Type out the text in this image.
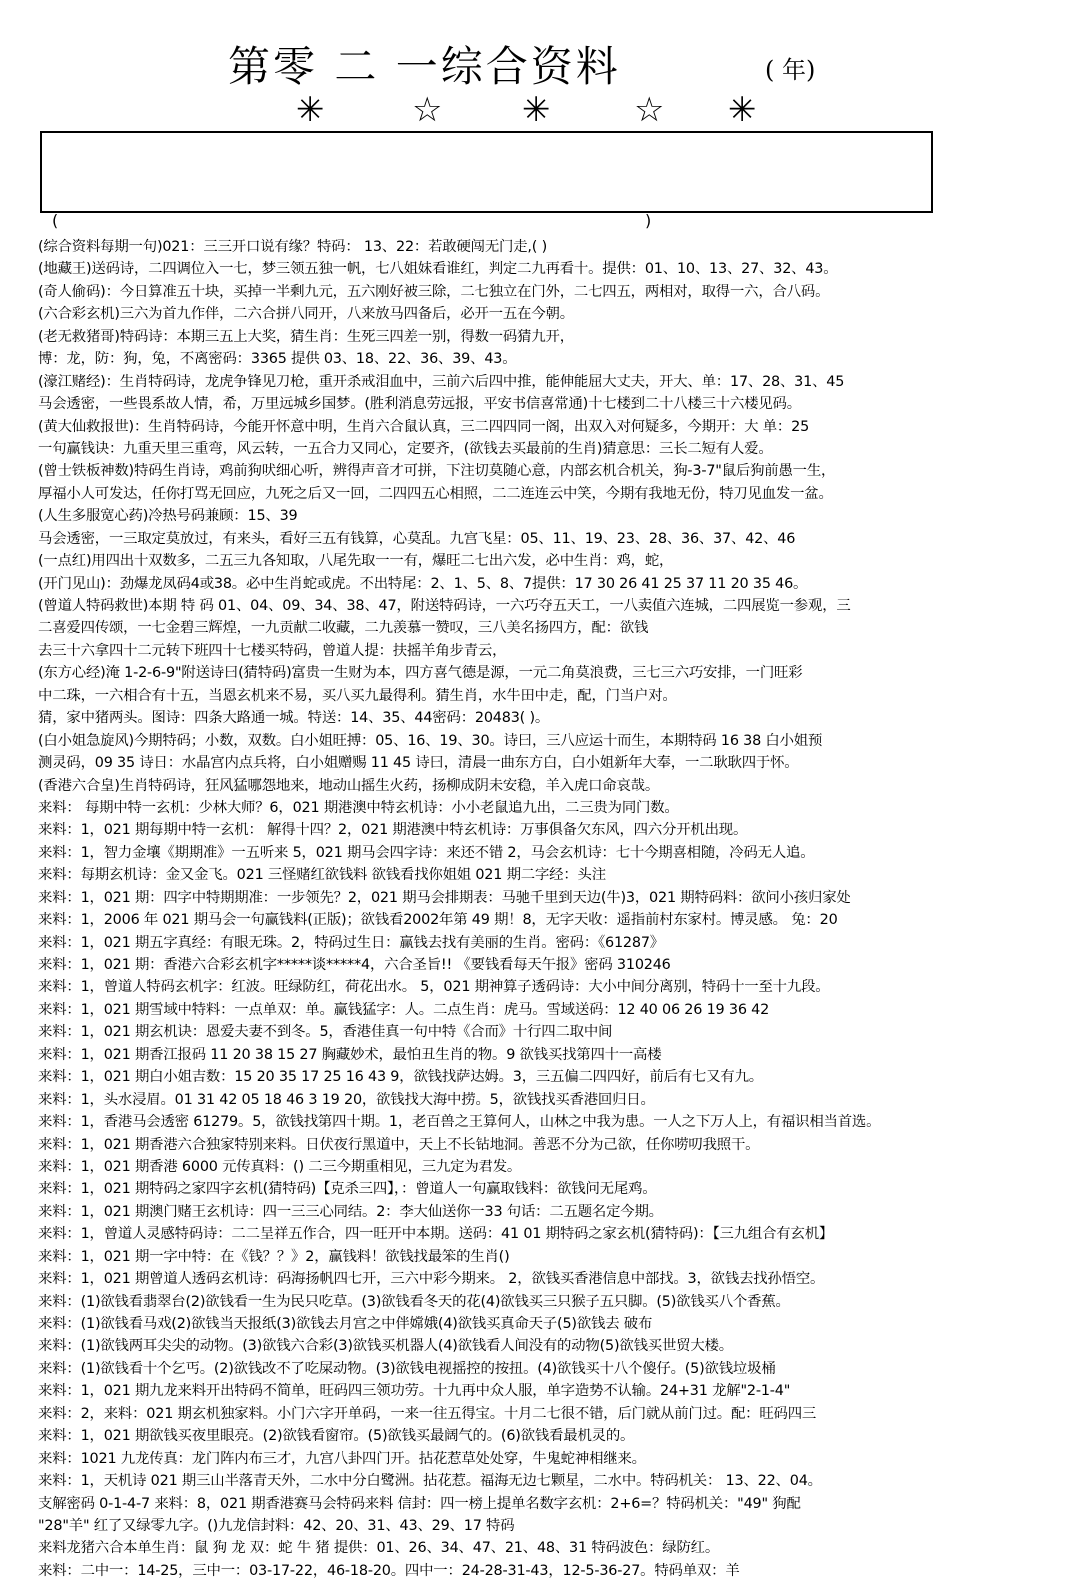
第零 二 一综合资料	( 年)
✳	☆ ✳ ☆ ✳
(	)
(综合资料每期一句)021：三三开口说有缘？特码： 13、22：若敢硬闯无门走,( )
(地藏王)送码诗，二四调位入一七，梦三领五独一帆，七八姐妹看谁红，判定二九再看十。提供：01、10、13、27、32、43。
(奇人偷码)：今日算准五十块，买掉一半剩九元，五六刚好被三除，二七独立在门外，二七四五，两相对，取得一六，合八码。
(六合彩玄机)三六为首九作伴，二六合拼八同开，八来放马四备后，必开一五在今朝。
(老无救猪哥)特码诗：本期三五上大奖，猜生肖：生死三四差一别，得数一码猜九开，
博：龙，防：狗，兔，不离密码：3365 提供 03、18、22、36、39、43。
(濠江赌经)：生肖特码诗，龙虎争锋见刀枪，重开杀戒泪血中，三前六后四中推，能伸能屈大丈夫，开大、单：17、28、31、45
马会透密，一些畏系故人情，希，万里远城乡国梦。(胜利消息劳远报，平安书信喜常通)十七楼到二十八楼三十六楼见码。
(黄大仙救报世)：生肖特码诗，今能开怀意中明，生肖六合鼠认真，三二四四同一阁，出双入对何疑多，今期开：大 单：25
一句赢钱诀：九重天里三重弯，风云转，一五合力又同心，定要齐，(欲钱去买最前的生肖)猜意思：三长二短有人爱。
(曾士铁板神数)特码生肖诗，鸡前狗吠细心听，辨得声音才可拼，下注切莫随心意，内部玄机合机关，狗-3-7"鼠后狗前愚一生，
厚福小人可发达，任你打骂无回应，九死之后又一回，二四四五心相照，二二连连云中笑，今期有我地无份，特刀见血发一盆。
(人生多服宽心药)冷热号码兼顾：15、39
马会透密，一三取定莫放过，有来头，看好三五有钱算，心莫乱。九宫飞星：05、11、19、23、28、36、37、42、46
(一点红)用四出十双数多，二五三九各知取，八尾先取一一有，爆旺二七出六发，必中生肖：鸡，蛇，
(开门见山)：劲爆龙凤码4或38。必中生肖蛇或虎。不出特尾：2、1、5、8、7提供：17 30 26 41 25 37 11 20 35 46。
(曾道人特码救世)本期 特 码 01、04、09、34、38、47，附送特码诗，一六巧夺五天工，一八卖值六连城，二四展览一参观，三
二喜爱四传颂，一七金碧三辉煌，一九贡献二收藏，二九羡慕一赞叹，三八美名扬四方，配：欲钱
去三十六拿四十二元转下班四十七楼买特码，曾道人提：扶摇羊角步青云，
(东方心经)淹 1-2-6-9"附送诗曰(猜特码)富贵一生财为本，四方喜气德是源，一元二角莫浪费，三七三六巧安排，一门旺彩
中二珠，一六相合有十五，当恩玄机来不易，买八买九最得利。猜生肖，水牛田中走，配，门当户对。
猜，家中猪两头。图诗：四条大路通一城。特送：14、35、44密码：20483( )。
(白小姐急旋风)今期特码；小数，双数。白小姐旺搏：05、16、19、30。诗曰，三八应运十而生，本期特码 16 38 白小姐预
测灵码，09 35 诗日：水晶宫内点兵将，白小姐赠赐 11 45 诗曰，清晨一曲东方白，白小姐新年大奉，一二耿耿四于怀。
(香港六合皇)生肖特码诗，狂风猛哪怨地来，地动山摇生火药，扬柳成阴未安稳，羊入虎口命哀哉。
来料： 每期中特一玄机：少林大师？6，021 期港澳中特玄机诗：小小老鼠追九出，二三贵为同门数。
来料：1，021 期每期中特一玄机： 解得十四？2，021 期港澳中特玄机诗：万事俱备欠东风，四六分开机出现。
来料：1，智力金壤《期期准》一五听来 5，021 期马会四字诗：来还不错 2，马会玄机诗：七十今期喜相随，冷码无人追。
来料：每期玄机诗：金又金飞。021 三怪赌红欲钱料 欲钱看找你姐姐 021 期二字经：头注
来料：1，021 期：四字中特期期准：一步领先？2，021 期马会排期表：马驰千里到天边(牛)3，021 期特码料：欲问小孩归家处
来料：1，2006 年 021 期马会一句赢钱料(正版)；欲钱看2002年第 49 期！8，无字天收：遥指前村东家村。博灵感。 兔：20
来料：1，021 期五字真经：有眼无珠。2，特码过生日：赢钱去找有美丽的生肖。密码：《61287》
来料：1，021 期：香港六合彩玄机字*****谈*****4，六合圣旨!! 《要钱看每天午报》密码 310246
来料：1，曾道人特码玄机字：红波。旺绿防红，荷花出水。 5，021 期神算子透码诗：大小中间分离别，特码十一至十九段。
来料：1，021 期雪域中特料：一点单双：单。赢钱猛字：人。二点生肖：虎马。雪域送码：12 40 06 26 19 36 42
来料：1，021 期玄机诀：恩爱夫妻不到冬。5，香港佳真一句中特《合而》十行四二取中间
来料：1，021 期香江报码 11 20 38 15 27 胸藏妙术，最怕丑生肖的物。9 欲钱买找第四十一高楼
来料：1，021 期白小姐吉数：15 20 35 17 25 16 43 9，欲钱找萨达姆。3，三五偏二四四好，前后有七又有九。
来料：1，头水浸眉。01 31 42 05 18 46 3 19 20，欲钱找大海中捞。5，欲钱找买香港回归日。
来料：1，香港马会透密 61279。5，欲钱找第四十期。1，老百兽之王算何人，山林之中我为患。一人之下万人上，有福识相当首选。
来料：1，021 期香港六合独家特别来料。日伏夜行黑道中，天上不长钻地洞。善恶不分为己欲，任你唠叨我照干。
来料：1，021 期香港 6000 元传真料：() 二三今期重相见，三九定为君发。
来料：1，021 期特码之家四字玄机(猜特码)【克杀三四】，：曾道人一句赢取钱料：欲钱问无尾鸡。
来料：1，021 期澳门赌王玄机诗：四一三三心同结。2：李大仙送你一33 句话：二五题名定今期。
来料：1，曾道人灵感特码诗：二二呈祥五作合，四一旺开中本期。送码：41 01 期特码之家玄机(猜特码)：【三九组合有玄机】
来料：1，021 期一字中特：在《钱？？》2，赢钱料！欲钱找最笨的生肖()
来料：1，021 期曾道人透码玄机诗：码海扬帆四七开，三六中彩今期来。 2，欲钱买香港信息中部找。3，欲钱去找孙悟空。
来料：(1)欲钱看翡翠台(2)欲钱看一生为民只吃草。(3)欲钱看冬天的花(4)欲钱买三只猴子五只脚。(5)欲钱买八个香蕉。
来料：(1)欲钱看马戏(2)欲钱当天报纸(3)欲钱去月宫之中伴嫦娥(4)欲钱买真命天子(5)欲钱去 破布
来料：(1)欲钱两耳尖尖的动物。(3)欲钱六合彩(3)欲钱买机器人(4)欲钱看人间没有的动物(5)欲钱买世贸大楼。
来料：(1)欲钱看十个乞丐。(2)欲钱改不了吃屎动物。(3)欲钱电视摇控的按扭。(4)欲钱买十八个傻仔。(5)欲钱垃圾桶
来料：1，021 期九龙来料开出特码不简单，旺码四三领功劳。十九再中众人服，单字造势不认输。24+31 龙解"2-1-4"
来料：2，来料：021 期玄机独家料。小门六字开单码，一来一往五得宝。十月二七很不错，后门就从前门过。配：旺码四三
来料：1，021 期欲钱买夜里眼亮。(2)欲钱看窗帘。(5)欲钱买最阔气的。(6)欲钱看最机灵的。
来料：1021 九龙传真：龙门阵内布三才，九宫八卦四门开。拈花惹草处处穿，牛鬼蛇神相继来。
来料：1，天机诗 021 期三山半落青天外，二水中分白鹭洲。拈花惹。福海无边七颗星，二水中。特码机关： 13、22、04。
支解密码 0-1-4-7 来料：8，021 期香港赛马会特码来料 信封：四一榜上提单名数字玄机：2+6=？特码机关："49" 狗配
"28"羊" 红了又绿零九字。()九龙信封料：42、20、31、43、29、17 特码
来料龙猪六合本单生肖：鼠 狗 龙 双：蛇 牛 猪 提供：01、26、34、47、21、48、31 特码波色：绿防红。
来料：二中一：14-25，三中一：03-17-22，46-18-20。四中一：24-28-31-43，12-5-36-27。特码单双：羊
